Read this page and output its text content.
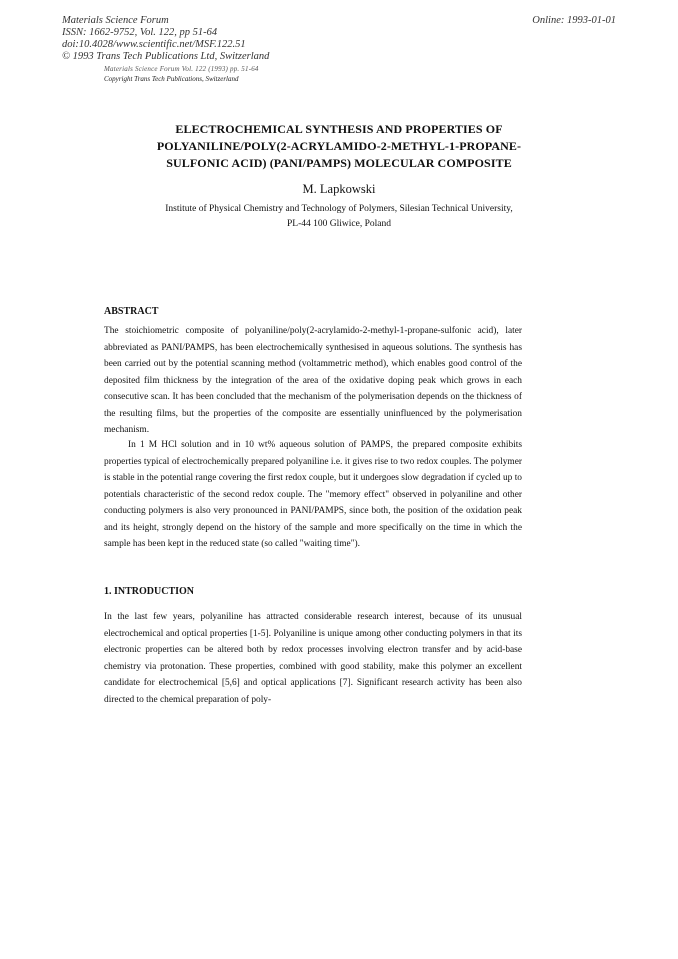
Materials Science Forum
ISSN: 1662-9752, Vol. 122, pp 51-64
doi:10.4028/www.scientific.net/MSF.122.51
© 1993 Trans Tech Publications Ltd, Switzerland
Online: 1993-01-01
Materials Science Forum Vol. 122 (1993) pp. 51-64
Copyright Trans Tech Publications, Switzerland
ELECTROCHEMICAL SYNTHESIS AND PROPERTIES OF
POLYANILINE/POLY(2-ACRYLAMIDO-2-METHYL-1-PROPANE-
SULFONIC ACID) (PANI/PAMPS) MOLECULAR COMPOSITE
M. Lapkowski
Institute of Physical Chemistry and Technology of Polymers, Silesian Technical University,
PL-44 100 Gliwice, Poland
ABSTRACT

The stoichiometric composite of polyaniline/poly(2-acrylamido-2-methyl-1-propane-sulfonic acid), later abbreviated as PANI/PAMPS, has been electrochemically synthesised in aqueous solutions. The synthesis has been carried out by the potential scanning method (voltammetric method), which enables good control of the deposited film thickness by the integration of the area of the oxidative doping peak which grows in each consecutive scan. It has been concluded that the mechanism of the polymerisation depends on the thickness of the resulting films, but the properties of the composite are essentially uninfluenced by the polymerisation mechanism.

In 1 M HCl solution and in 10 wt% aqueous solution of PAMPS, the prepared composite exhibits properties typical of electrochemically prepared polyaniline i.e. it gives rise to two redox couples. The polymer is stable in the potential range covering the first redox couple, but it undergoes slow degradation if cycled up to potentials characteristic of the second redox couple. The "memory effect" observed in polyaniline and other conducting polymers is also very pronounced in PANI/PAMPS, since both, the position of the oxidation peak and its height, strongly depend on the history of the sample and more specifically on the time in which the sample has been kept in the reduced state (so called "waiting time").

1. INTRODUCTION

In the last few years, polyaniline has attracted considerable research interest, because of its unusual electrochemical and optical properties [1-5]. Polyaniline is unique among other conducting polymers in that its electronic properties can be altered both by redox processes involving electron transfer and by acid-base chemistry via protonation. These properties, combined with good stability, make this polymer an excellent candidate for electrochemical [5,6] and optical applications [7]. Significant research activity has been also directed to the chemical preparation of poly-
